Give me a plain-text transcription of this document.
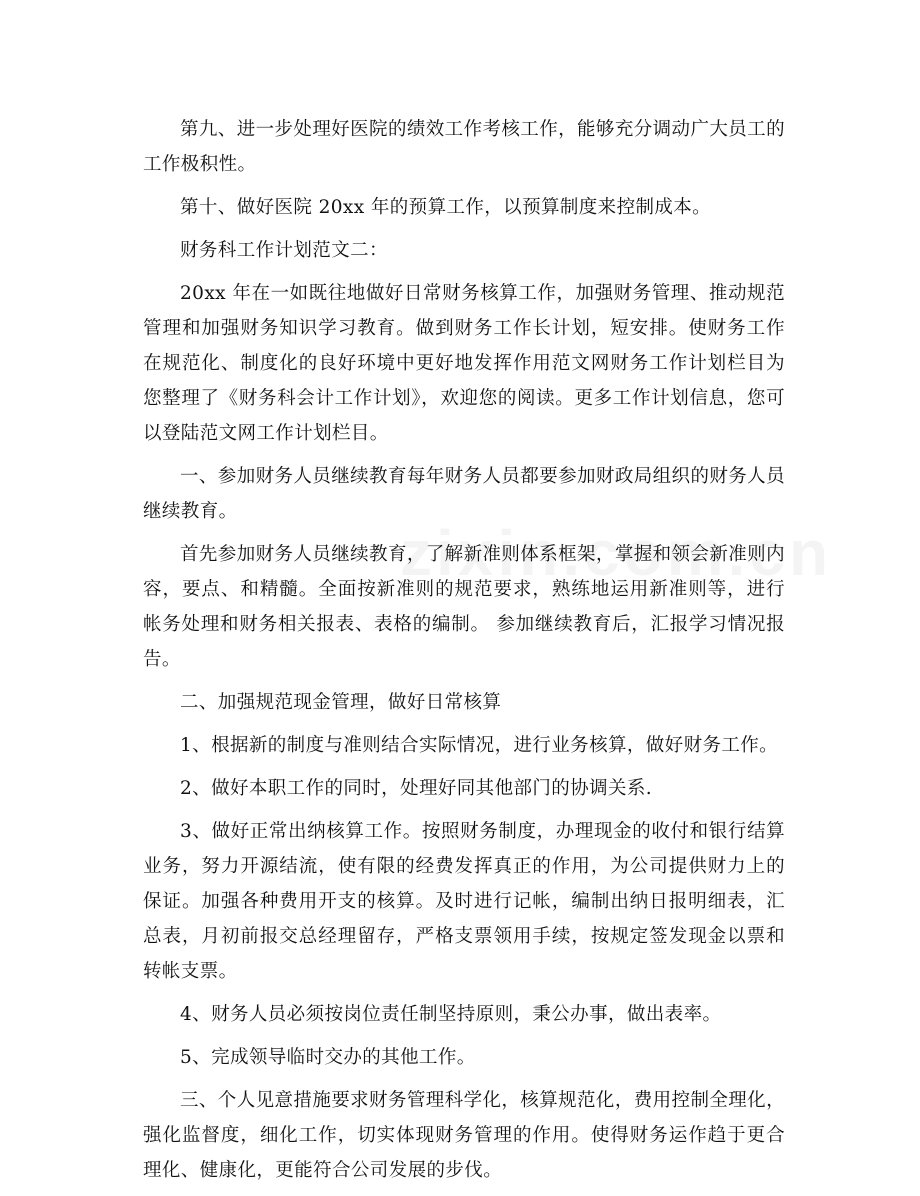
第九、进一步处理好医院的绩效工作考核工作，能够充分调动广大员工的工作极积性。

第十、做好医院 20xx 年的预算工作，以预算制度来控制成本。

财务科工作计划范文二：

20xx 年在一如既往地做好日常财务核算工作，加强财务管理、推动规范管理和加强财务知识学习教育。做到财务工作长计划，短安排。使财务工作在规范化、制度化的良好环境中更好地发挥作用范文网财务工作计划栏目为您整理了《财务科会计工作计划》，欢迎您的阅读。更多工作计划信息，您可以登陆范文网工作计划栏目。

一、参加财务人员继续教育每年财务人员都要参加财政局组织的财务人员继续教育。

首先参加财务人员继续教育，了解新准则体系框架，掌握和领会新准则内容，要点、和精髓。全面按新准则的规范要求，熟练地运用新准则等，进行帐务处理和财务相关报表、表格的编制。 参加继续教育后，汇报学习情况报告。

二、加强规范现金管理，做好日常核算

1、根据新的制度与准则结合实际情况，进行业务核算，做好财务工作。

2、做好本职工作的同时，处理好同其他部门的协调关系.

3、做好正常出纳核算工作。按照财务制度，办理现金的收付和银行结算业务，努力开源结流，使有限的经费发挥真正的作用，为公司提供财力上的保证。加强各种费用开支的核算。及时进行记帐，编制出纳日报明细表，汇总表，月初前报交总经理留存，严格支票领用手续，按规定签发现金以票和转帐支票。

4、财务人员必须按岗位责任制坚持原则，秉公办事，做出表率。

5、完成领导临时交办的其他工作。

三、个人见意措施要求财务管理科学化，核算规范化，费用控制全理化，强化监督度，细化工作，切实体现财务管理的作用。使得财务运作趋于更合理化、健康化，更能符合公司发展的步伐。
